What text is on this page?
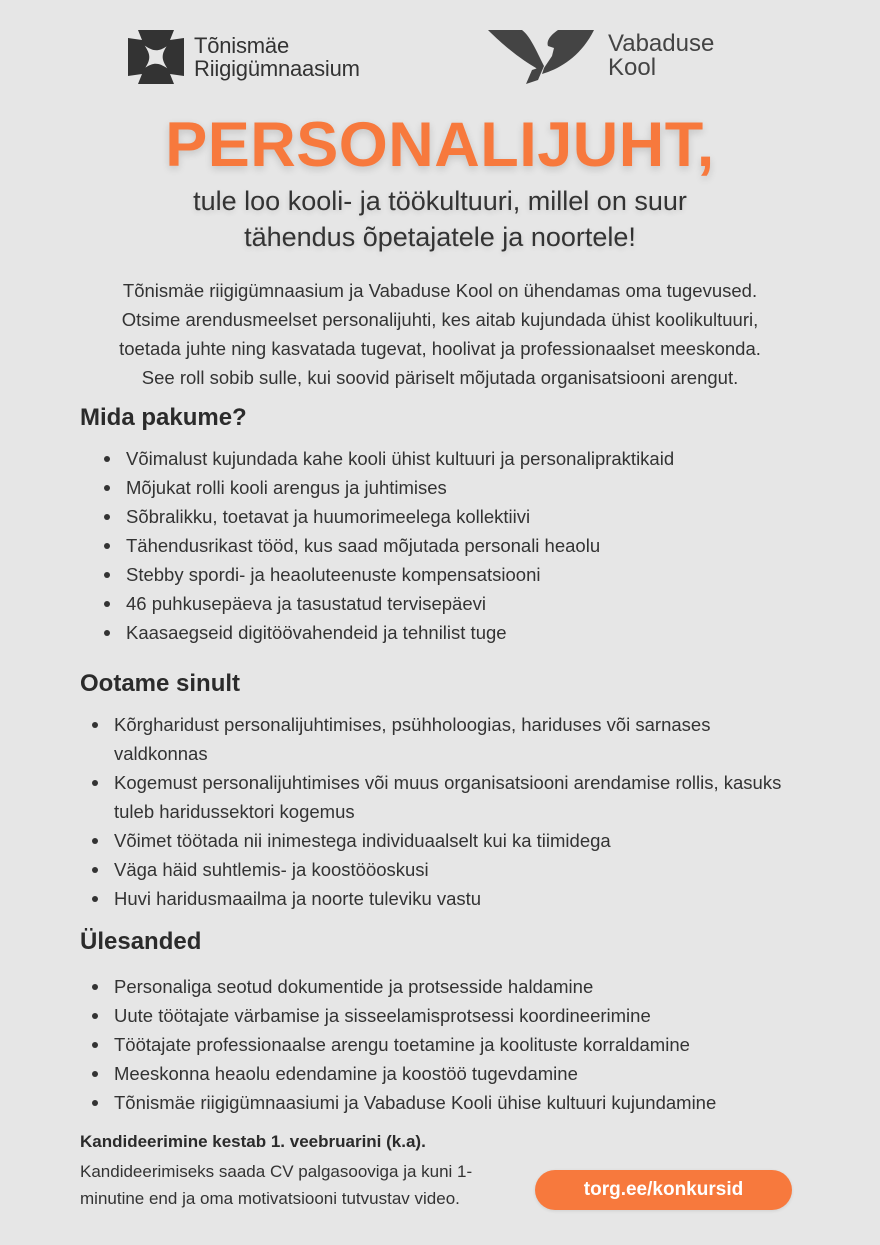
Tõnismäe
Riigigümnaasium
Vabaduse
Kool
PERSONALIJUHT,
tule loo kooli- ja töökultuuri, millel on suur
tähendus õpetajatele ja noortele!
Tõnismäe riigigümnaasium ja Vabaduse Kool on ühendamas oma tugevused.
Otsime arendusmeelset personalijuhti, kes aitab kujundada ühist koolikultuuri,
toetada juhte ning kasvatada tugevat, hoolivat ja professionaalset meeskonda.
See roll sobib sulle, kui soovid päriselt mõjutada organisatsiooni arengut.
Mida pakume?
Võimalust kujundada kahe kooli ühist kultuuri ja personalipraktikaid
Mõjukat rolli kooli arengus ja juhtimises
Sõbralikku, toetavat ja huumorimeelega kollektiivi
Tähendusrikast tööd, kus saad mõjutada personali heaolu
Stebby spordi- ja heaoluteenuste kompensatsiooni
46 puhkusepäeva ja tasustatud tervisepäevi
Kaasaegseid digitöövahendeid ja tehnilist tuge
Ootame sinult
Kõrgharidust personalijuhtimises, psühholoogias, hariduses või sarnases valdkonnas
Kogemust personalijuhtimises või muus organisatsiooni arendamise rollis, kasuks tuleb haridussektori kogemus
Võimet töötada nii inimestega individuaalselt kui ka tiimidega
Väga häid suhtlemis- ja koostööoskusi
Huvi haridusmaailma ja noorte tuleviku vastu
Ülesanded
Personaliga seotud dokumentide ja protsesside haldamine
Uute töötajate värbamise ja sisseelamisprotsessi koordineerimine
Töötajate professionaalse arengu toetamine ja koolituste korraldamine
Meeskonna heaolu edendamine ja koostöö tugevdamine
Tõnismäe riigigümnaasiumi ja Vabaduse Kooli ühise kultuuri kujundamine
Kandideerimine kestab 1. veebruarini (k.a).
Kandideerimiseks saada CV palgasooviga ja kuni 1-minutine end ja oma motivatsiooni tutvustav video.	torg.ee/konkursid
